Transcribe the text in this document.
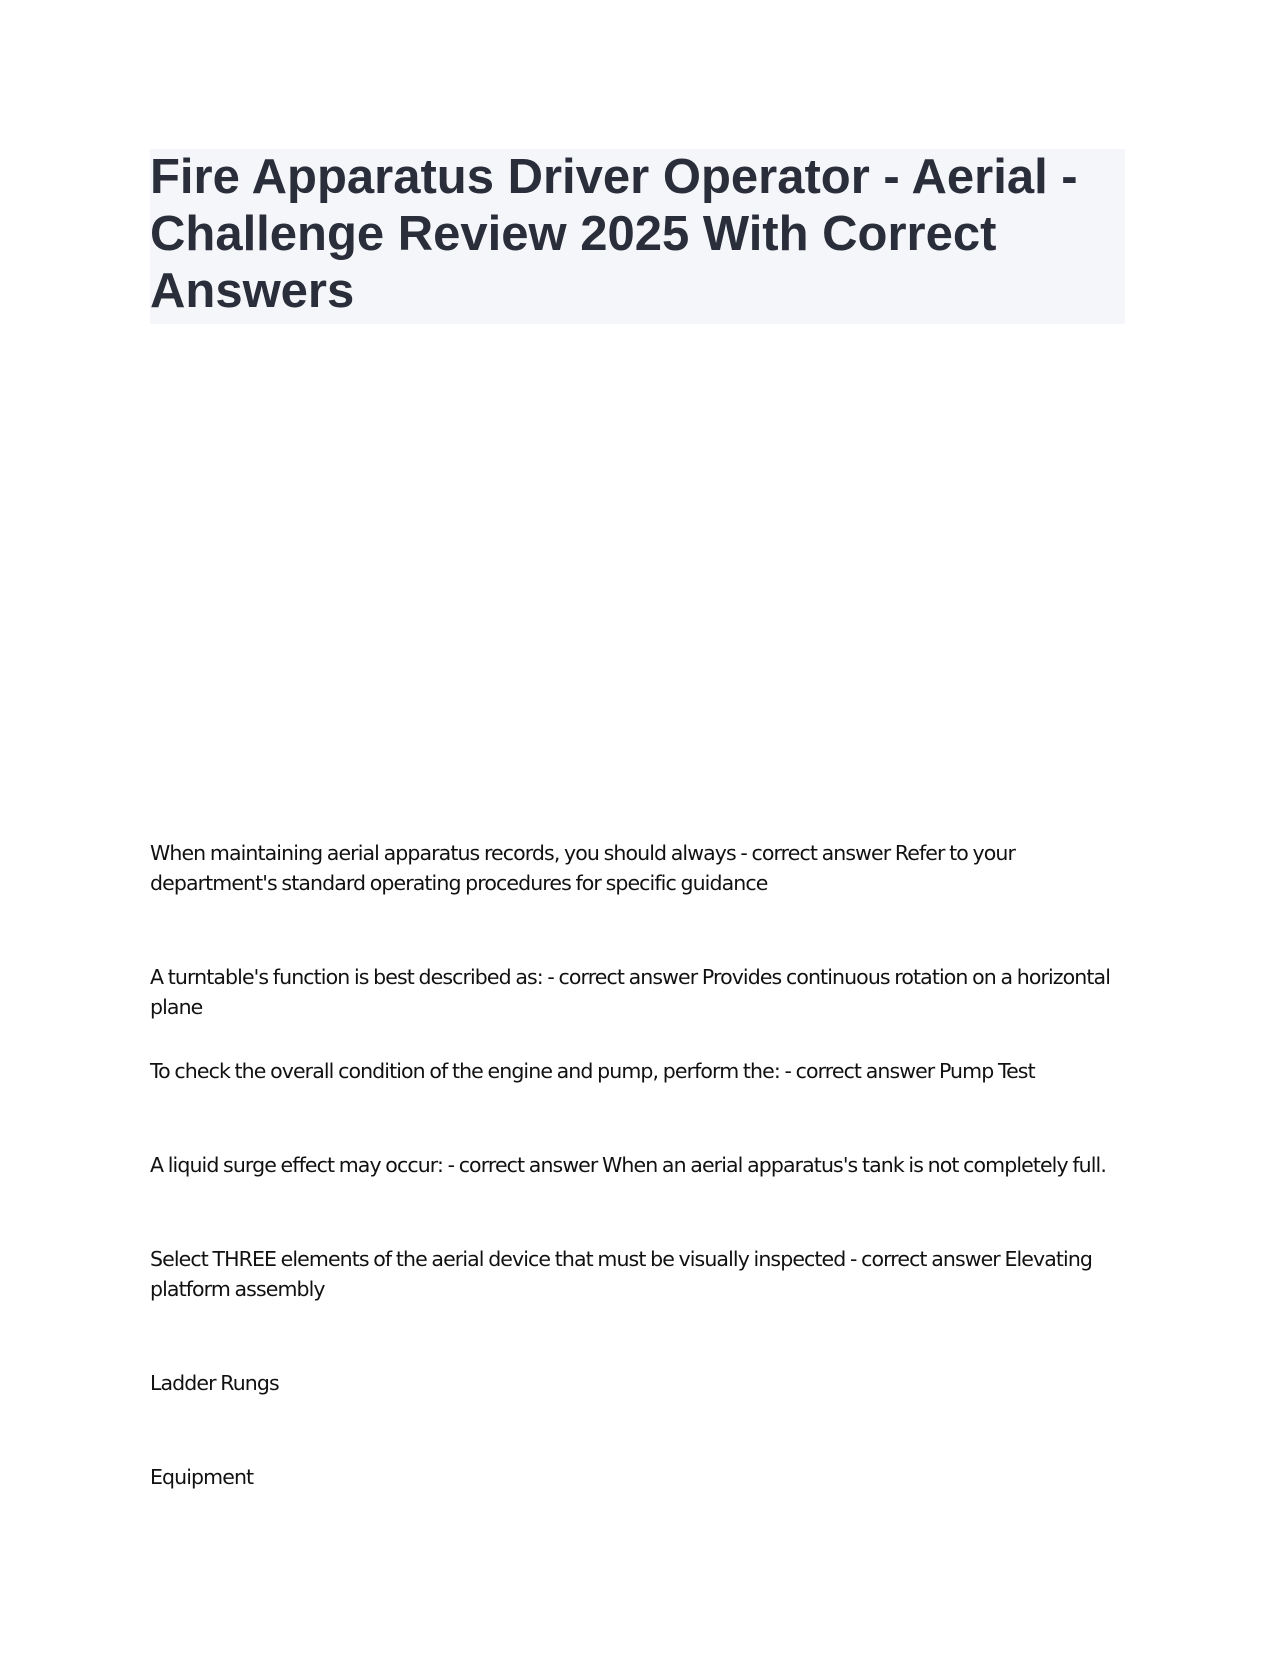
Fire Apparatus Driver Operator - Aerial - Challenge Review 2025 With Correct Answers

When maintaining aerial apparatus records, you should always - correct answer Refer to your department's standard operating procedures for specific guidance

A turntable's function is best described as: - correct answer Provides continuous rotation on a horizontal plane

To check the overall condition of the engine and pump, perform the: - correct answer Pump Test

A liquid surge effect may occur: - correct answer When an aerial apparatus's tank is not completely full.

Select THREE elements of the aerial device that must be visually inspected - correct answer Elevating platform assembly

Ladder Rungs

Equipment
